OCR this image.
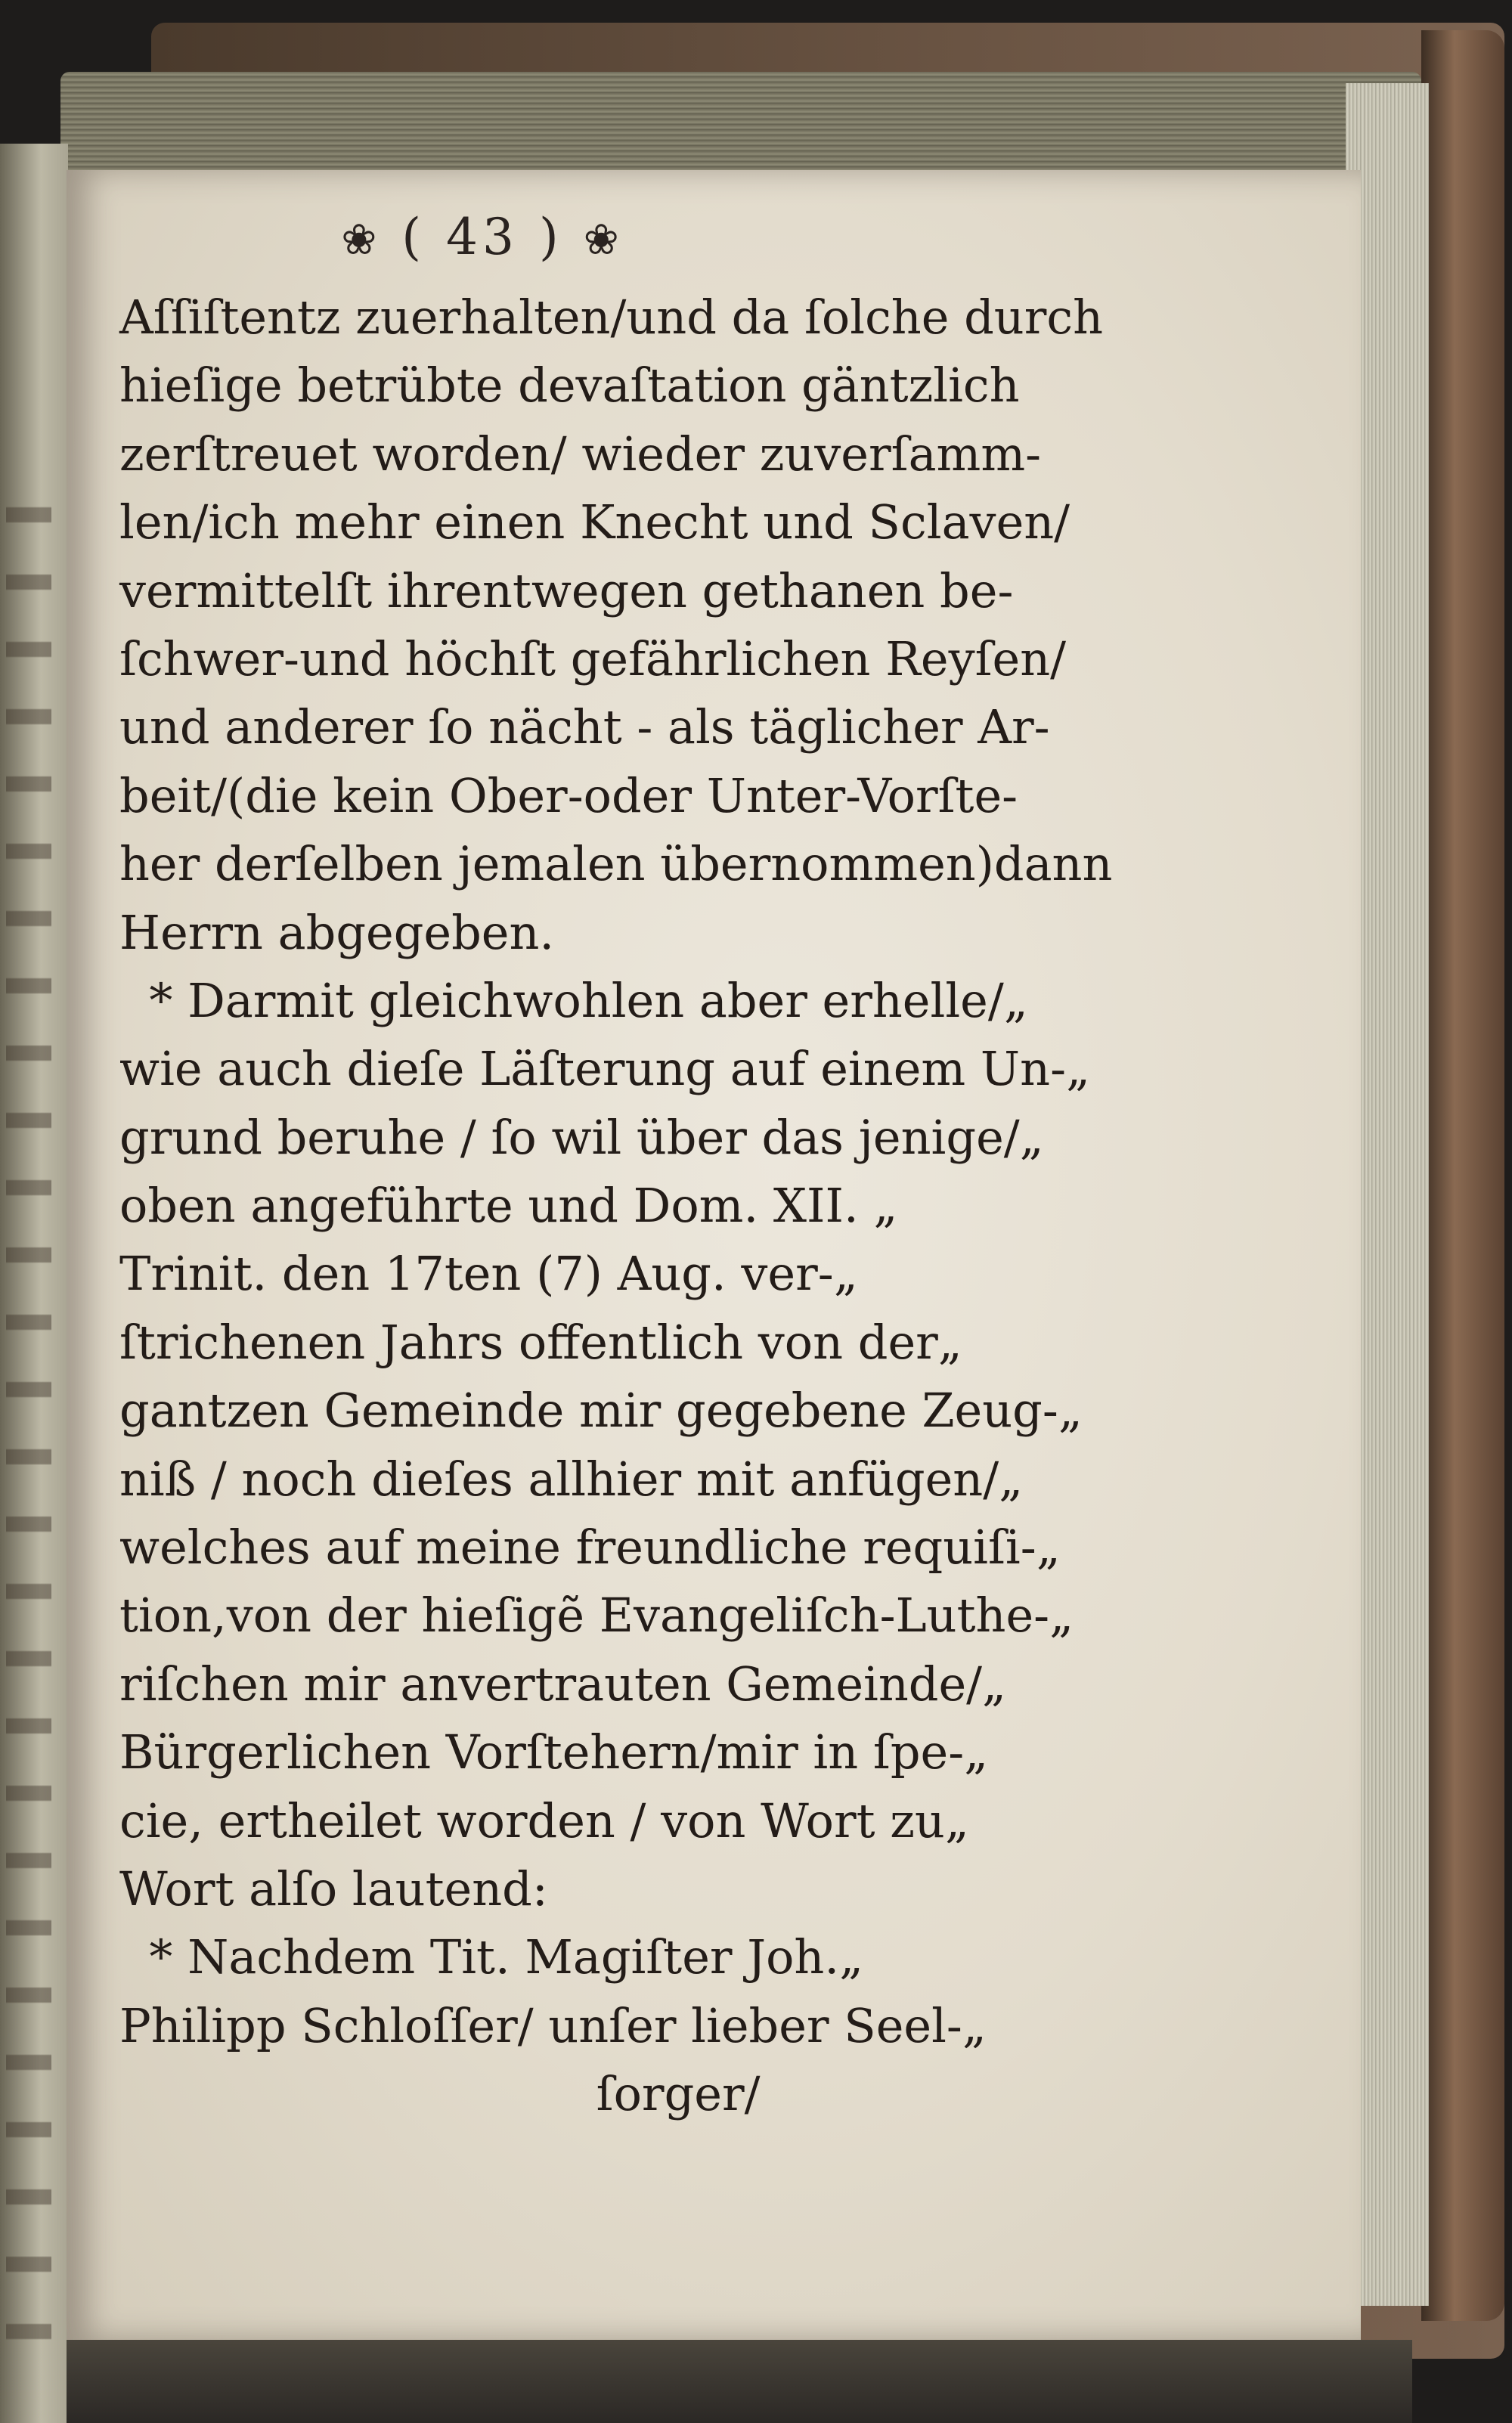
❀ ( 43 ) ❀
Aſſiſtentz zuerhalten/und da ſolche durch
hieſige betrübte devaſtation gäntzlich
zerſtreuet worden/ wieder zuverſamm-
len/ich mehr einen Knecht und Sclaven/
vermittelſt ihrentwegen gethanen be-
ſchwer-und höchſt gefährlichen Reyſen/
und anderer ſo nächt - als täglicher Ar-
beit/(die kein Ober-oder Unter-Vorſte-
her derſelben jemalen übernommen)dann
Herrn abgegeben.
* Darmit gleichwohlen aber erhelle/„
wie auch dieſe Läſterung auf einem Un-„
grund beruhe / ſo wil über das jenige/„
oben angeführte und Dom. XII. „
Trinit. den 17ten (7) Aug. ver-„
ſtrichenen Jahrs offentlich von der„
gantzen Gemeinde mir gegebene Zeug-„
niß / noch dieſes allhier mit anfügen/„
welches auf meine freundliche requiſi-„
tion,von der hieſigẽ Evangeliſch-Luthe-„
riſchen mir anvertrauten Gemeinde/„
Bürgerlichen Vorſtehern/mir in ſpe-„
cie, ertheilet worden / von Wort zu„
Wort alſo lautend:
* Nachdem Tit. Magiſter Joh.„
Philipp Schloſſer/ unſer lieber Seel-„
ſorger/
